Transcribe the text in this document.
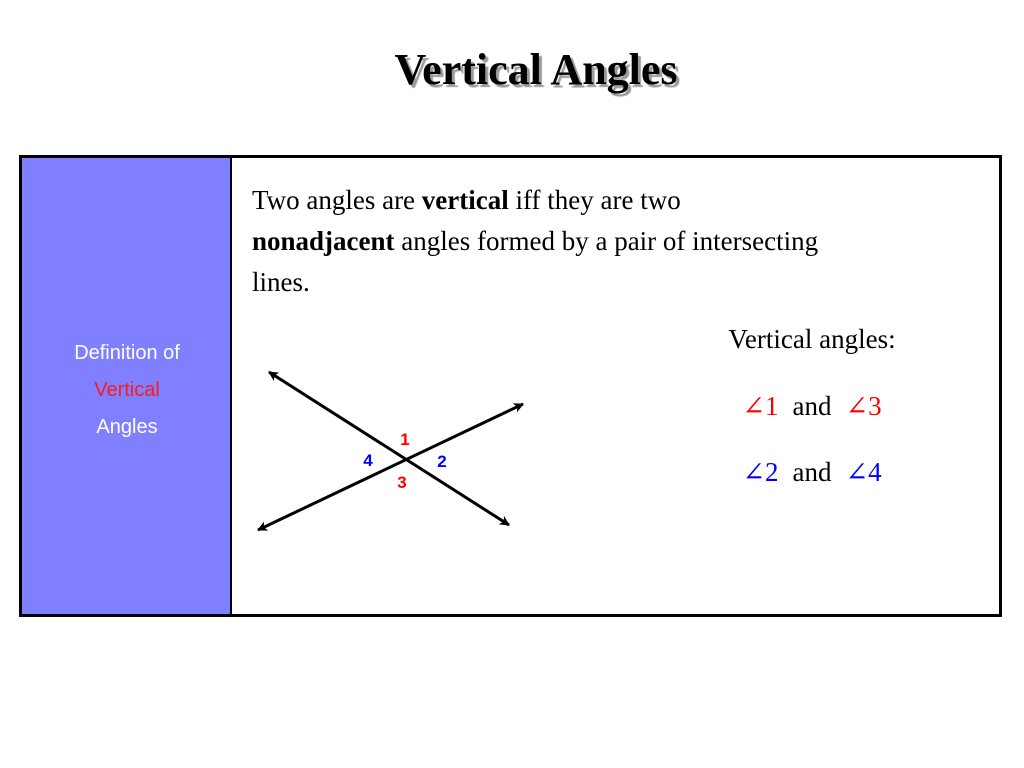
Vertical Angles
Definition of
Vertical
Angles
Two angles are vertical iff they are two
nonadjacent angles formed by a pair of intersecting lines.
1
2
3
4
Vertical angles:
∠1 and ∠3
∠2 and ∠4
